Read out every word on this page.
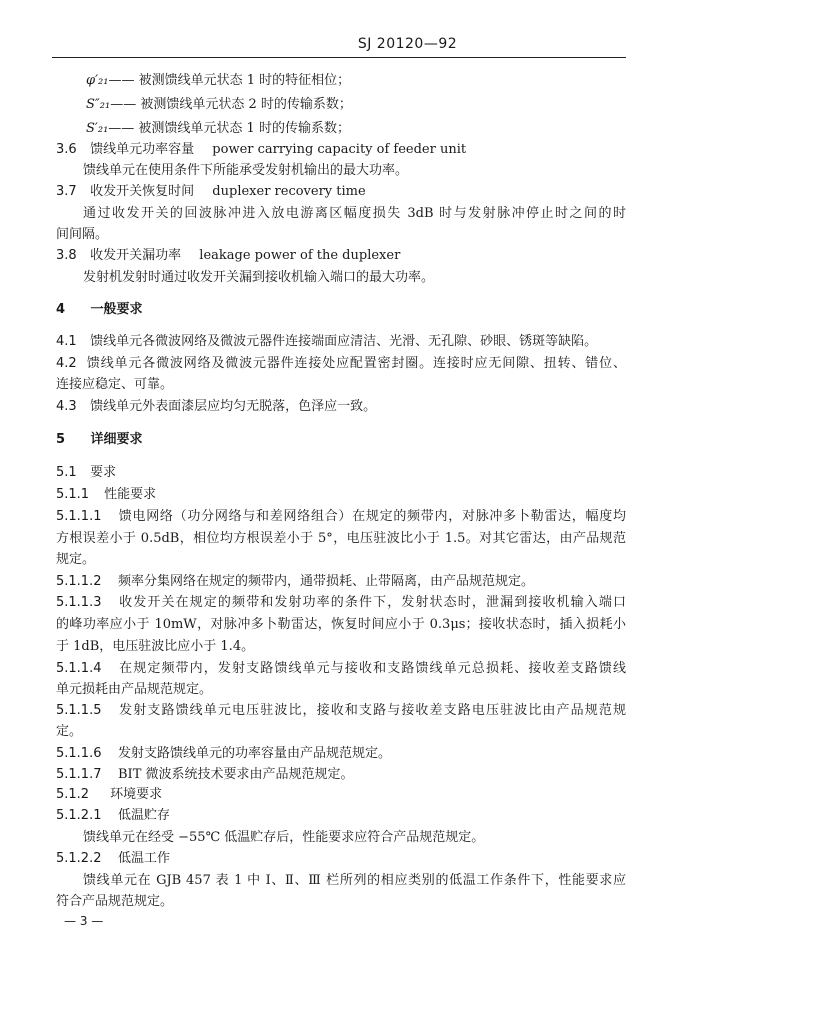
SJ 20120—92
φ′₂₁—— 被测馈线单元状态 1 时的特征相位；
S″₂₁—— 被测馈线单元状态 2 时的传输系数；
S′₂₁—— 被测馈线单元状态 1 时的传输系数；
3.6 馈线单元功率容量 power carrying capacity of feeder unit
馈线单元在使用条件下所能承受发射机输出的最大功率。
3.7 收发开关恢复时间 duplexer recovery time
通过收发开关的回波脉冲进入放电游离区幅度损失 3dB 时与发射脉冲停止时之间的时
间间隔。
3.8 收发开关漏功率 leakage power of the duplexer
发射机发射时通过收发开关漏到接收机输入端口的最大功率。
4 一般要求
4.1 馈线单元各微波网络及微波元器件连接端面应清洁、光滑、无孔隙、砂眼、锈斑等缺陷。
4.2 馈线单元各微波网络及微波元器件连接处应配置密封圈。连接时应无间隙、扭转、错位、
连接应稳定、可靠。
4.3 馈线单元外表面漆层应均匀无脱落，色泽应一致。
5 详细要求
5.1 要求
5.1.1 性能要求
5.1.1.1 馈电网络（功分网络与和差网络组合）在规定的频带内，对脉冲多卜勒雷达，幅度均
方根误差小于 0.5dB，相位均方根误差小于 5°，电压驻波比小于 1.5。对其它雷达，由产品规范
规定。
5.1.1.2 频率分集网络在规定的频带内，通带损耗、止带隔离，由产品规范规定。
5.1.1.3 收发开关在规定的频带和发射功率的条件下，发射状态时，泄漏到接收机输入端口
的峰功率应小于 10mW，对脉冲多卜勒雷达，恢复时间应小于 0.3μs；接收状态时，插入损耗小
于 1dB，电压驻波比应小于 1.4。
5.1.1.4 在规定频带内，发射支路馈线单元与接收和支路馈线单元总损耗、接收差支路馈线
单元损耗由产品规范规定。
5.1.1.5 发射支路馈线单元电压驻波比，接收和支路与接收差支路电压驻波比由产品规范规
定。
5.1.1.6 发射支路馈线单元的功率容量由产品规范规定。
5.1.1.7 BIT 微波系统技术要求由产品规范规定。
5.1.2 环境要求
5.1.2.1 低温贮存
馈线单元在经受 −55℃ 低温贮存后，性能要求应符合产品规范规定。
5.1.2.2 低温工作
馈线单元在 GJB 457 表 1 中 Ⅰ、Ⅱ、Ⅲ 栏所列的相应类别的低温工作条件下，性能要求应
符合产品规范规定。
— 3 —
